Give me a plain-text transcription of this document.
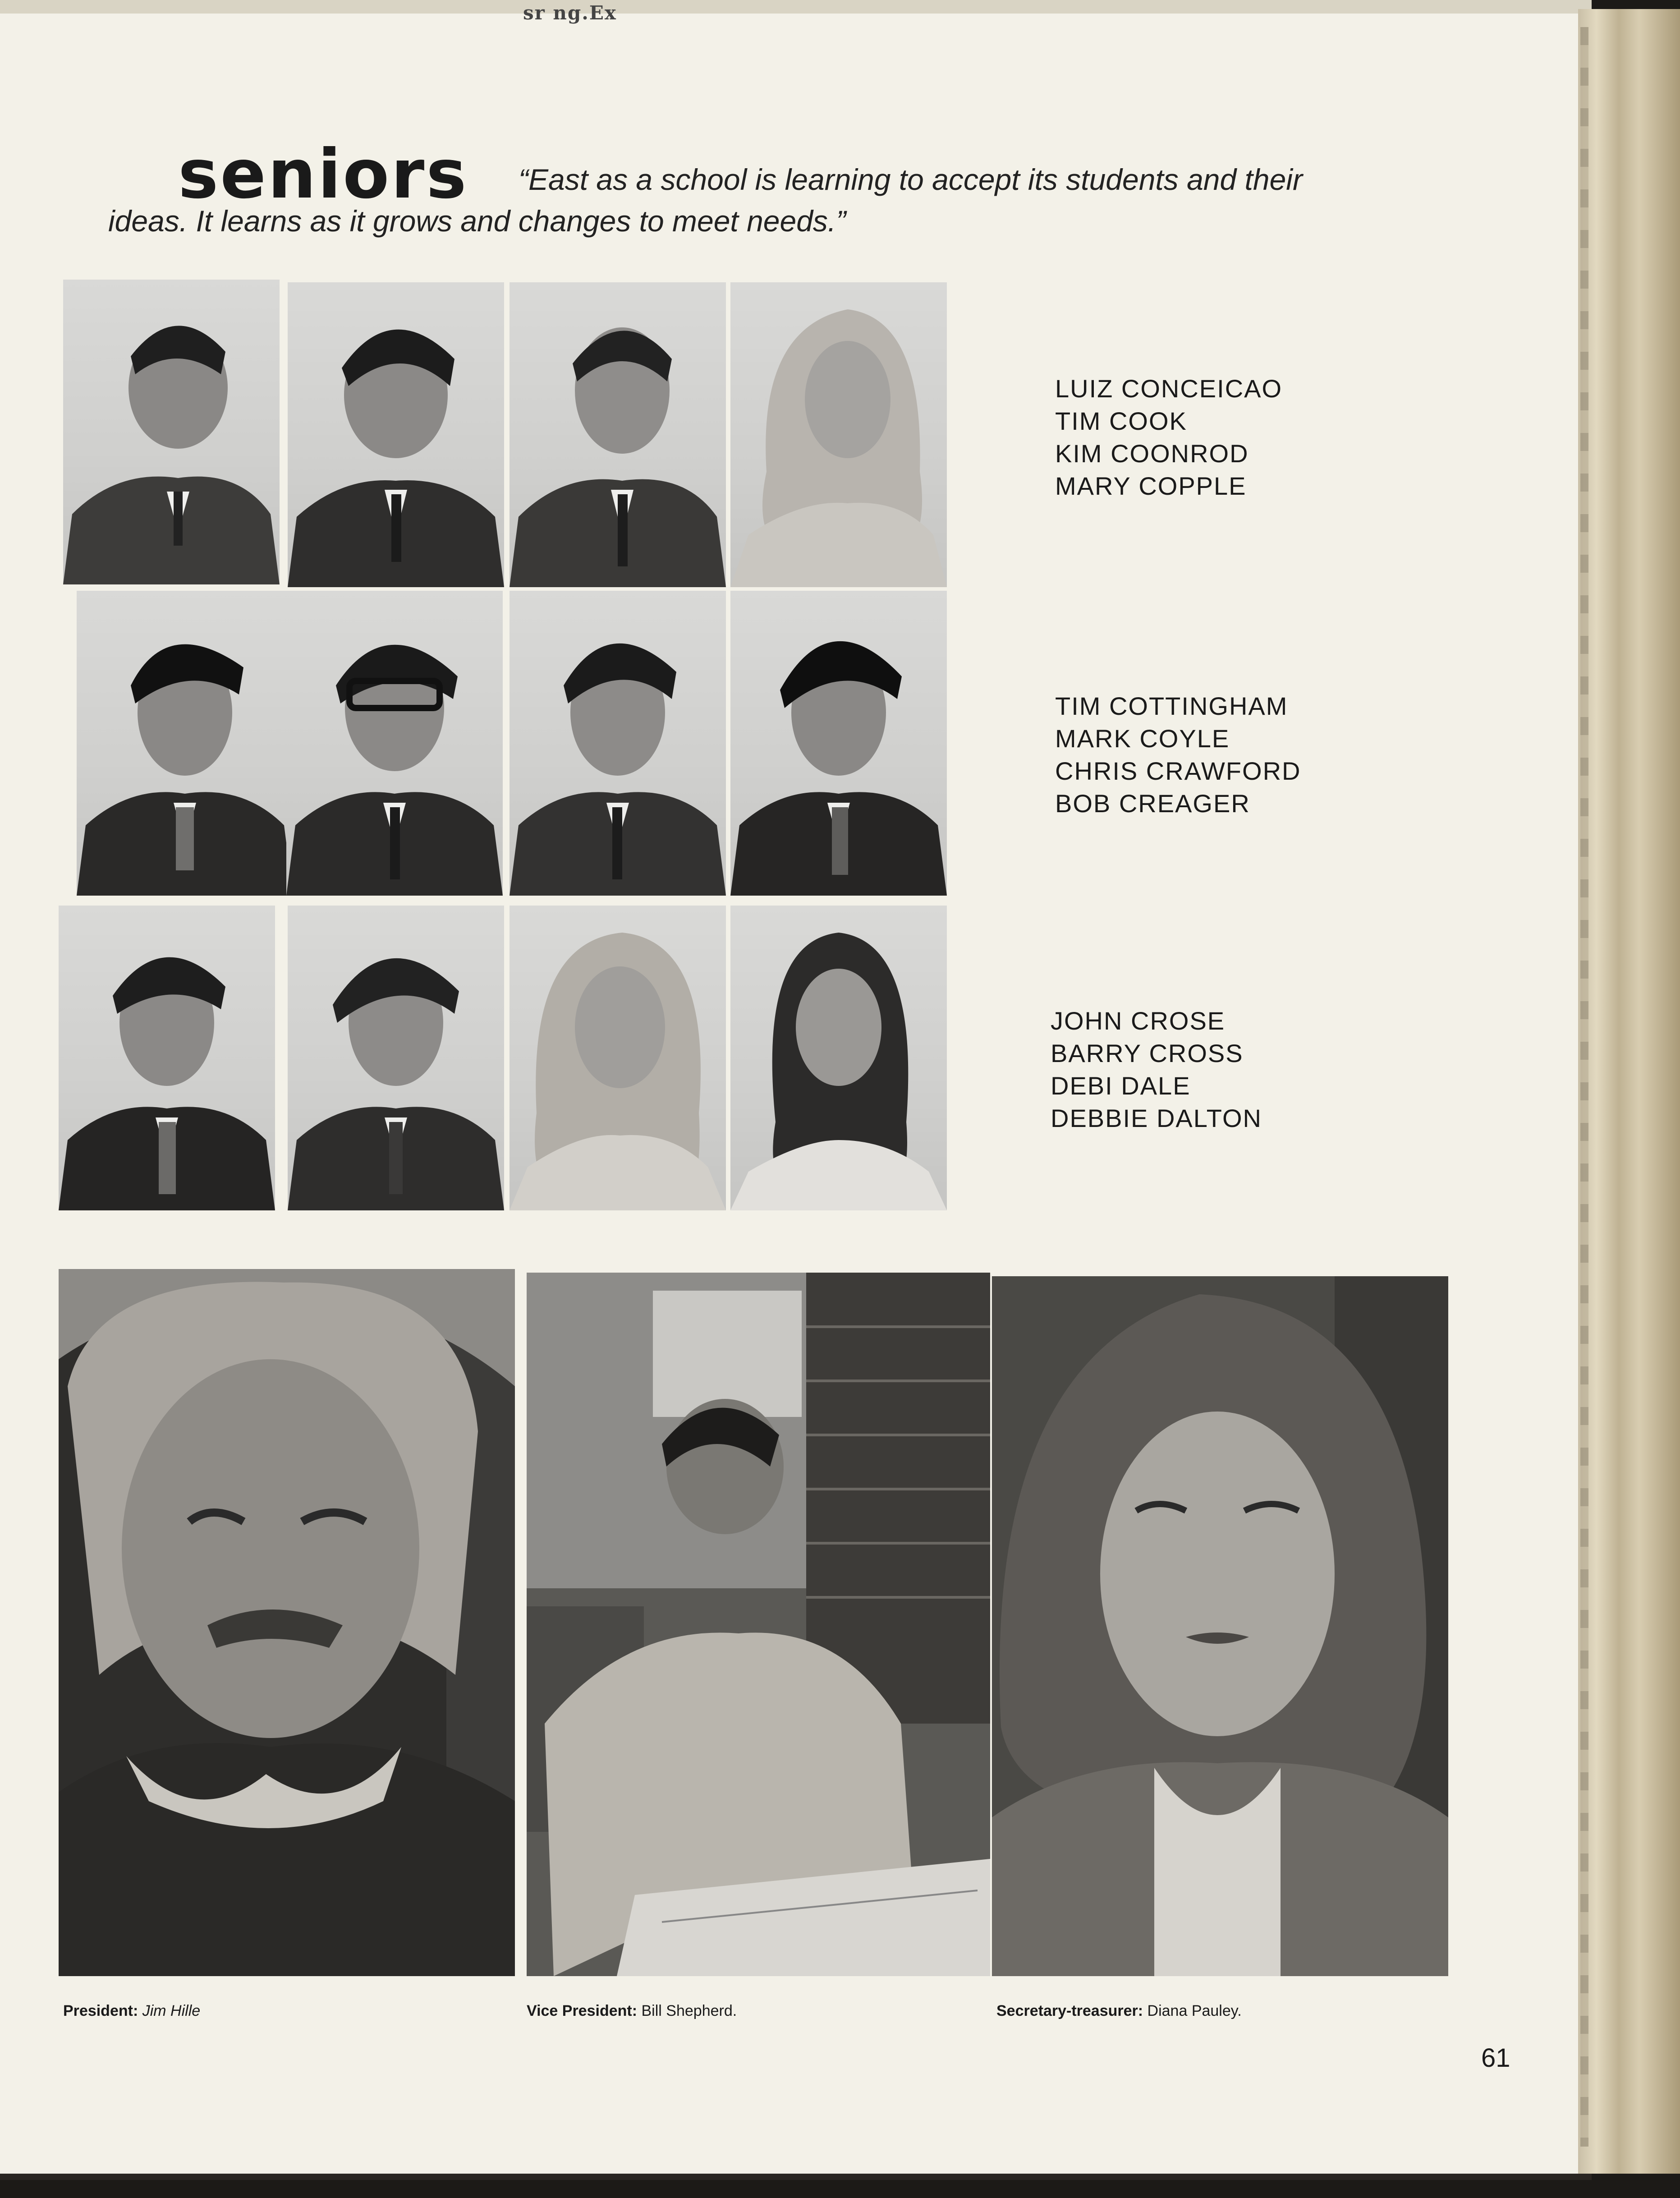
sr ng.Ex
seniors “East as a school is learning to accept its students and their
ideas. It learns as it grows and changes to meet needs.”
LUIZ CONCEICAO
TIM COOK
KIM COONROD
MARY COPPLE
TIM COTTINGHAM
MARK COYLE
CHRIS CRAWFORD
BOB CREAGER
JOHN CROSE
BARRY CROSS
DEBI DALE
DEBBIE DALTON
President: Jim Hille	Vice President: Bill Shepherd.	Secretary-treasurer: Diana Pauley.
61
